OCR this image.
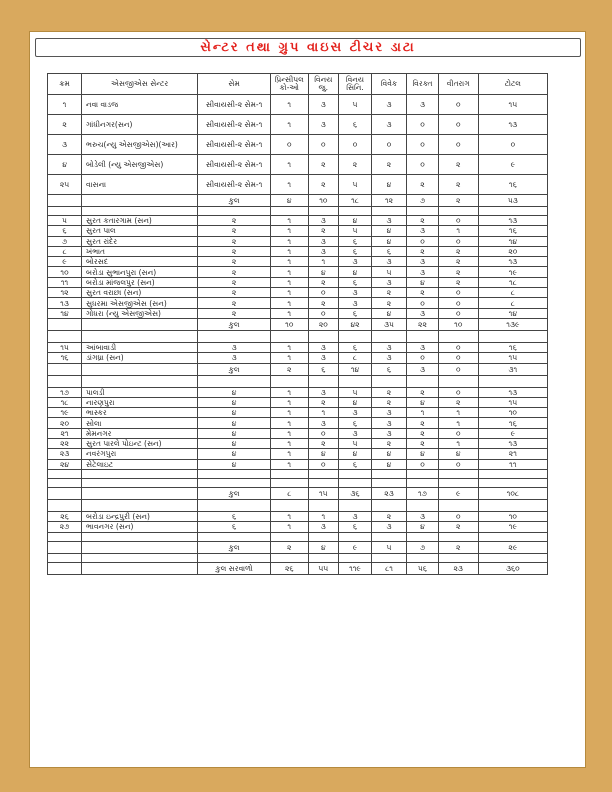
સેન્ટર તથા ગ્રુપ વાઇસ ટીચર ડાટા
ક્રમ	એસજીએસ સેન્ટર	સેમ	પ્રિન્સીપલ કો-ઓ	વિનય જુ.	વિનય સિનિ.	વિવેક	વિરક્ત	વીતરાગ	ટોટલ
૧	નવા વાડજ	સીવાયસી-૨ સેમ-૧	૧	૩	૫	૩	૩	૦	૧૫
૨	ગાંધીનગર(સન)	સીવાયસી-૨ સેમ-૧	૧	૩	૬	૩	૦	૦	૧૩
૩	ભરુચ(ન્યુ એસજીએસ)(આર)	સીવાયસી-૨ સેમ-૧	૦	૦	૦	૦	૦	૦	૦
૪	બોડેલી (ન્યુ એસજીએસ)	સીવાયસી-૨ સેમ-૧	૧	૨	૨	૨	૦	૨	૯
૨૫	વાસના	સીવાયસી-૨ સેમ-૧	૧	૨	૫	૪	૨	૨	૧૬
		કુલ	૪	૧૦	૧૮	૧૨	૭	૨	૫૩

૫	સુરત કતારગામ (સન)	૨	૧	૩	૪	૩	૨	૦	૧૩
૬	સુરત પાલ	૨	૧	૨	૫	૪	૩	૧	૧૬
૭	સુરત રાંદેર	૨	૧	૩	૬	૪	૦	૦	૧૪
૮	ખંભાત	૨	૧	૩	૬	૬	૨	૨	૨૦
૯	બોરસદ	૨	૧	૧	૩	૩	૩	૨	૧૩
૧૦	બરોડા સુભાનપુરા (સન)	૨	૧	૪	૪	૫	૩	૨	૧૯
૧૧	બરોડા માંજલપુર (સન)	૨	૧	૨	૬	૩	૪	૨	૧૮
૧૨	સુરત વરાછા (સન)	૨	૧	૦	૩	૨	૨	૦	૮
૧૩	સુધરમા એસજીએસ (સન)	૨	૧	૨	૩	૨	૦	૦	૮
૧૪	ગોધરા (ન્યુ એસજીએસ)	૨	૧	૦	૬	૪	૩	૦	૧૪
		કુલ	૧૦	૨૦	૪૨	૩૫	૨૨	૧૦	૧૩૯

૧૫	આંબાવાડી	૩	૧	૩	૬	૩	૩	૦	૧૬
૧૬	ડાંગધ્રા (સન)	૩	૧	૩	૮	૩	૦	૦	૧૫
		કુલ	૨	૬	૧૪	૬	૩	૦	૩૧

૧૭	પાલડી	૪	૧	૩	૫	૨	૨	૦	૧૩
૧૮	નારણપુરા	૪	૧	૨	૪	૨	૪	૨	૧૫
૧૯	ભાસ્કર	૪	૧	૧	૩	૩	૧	૧	૧૦
૨૦	સોલા	૪	૧	૩	૬	૩	૨	૧	૧૬
૨૧	મેમનગર	૪	૧	૦	૩	૩	૨	૦	૯
૨૨	સુરત પારલે પોઇન્ટ (સન)	૪	૧	૨	૫	૨	૨	૧	૧૩
૨૩	નવરંગપુરા	૪	૧	૪	૪	૪	૪	૪	૨૧
૨૪	સેટેલાઇટ	૪	૧	૦	૬	૪	૦	૦	૧૧

		કુલ	૮	૧૫	૩૬	૨૩	૧૭	૯	૧૦૮

૨૬	બરોડા ઇન્દ્રપુરી (સન)	૬	૧	૧	૩	૨	૩	૦	૧૦
૨૭	ભાવનગર (સન)	૬	૧	૩	૬	૩	૪	૨	૧૯

		કુલ	૨	૪	૯	૫	૭	૨	૨૯

		કુલ સરવાળો	૨૬	૫૫	૧૧૯	૮૧	૫૬	૨૩	૩૬૦
